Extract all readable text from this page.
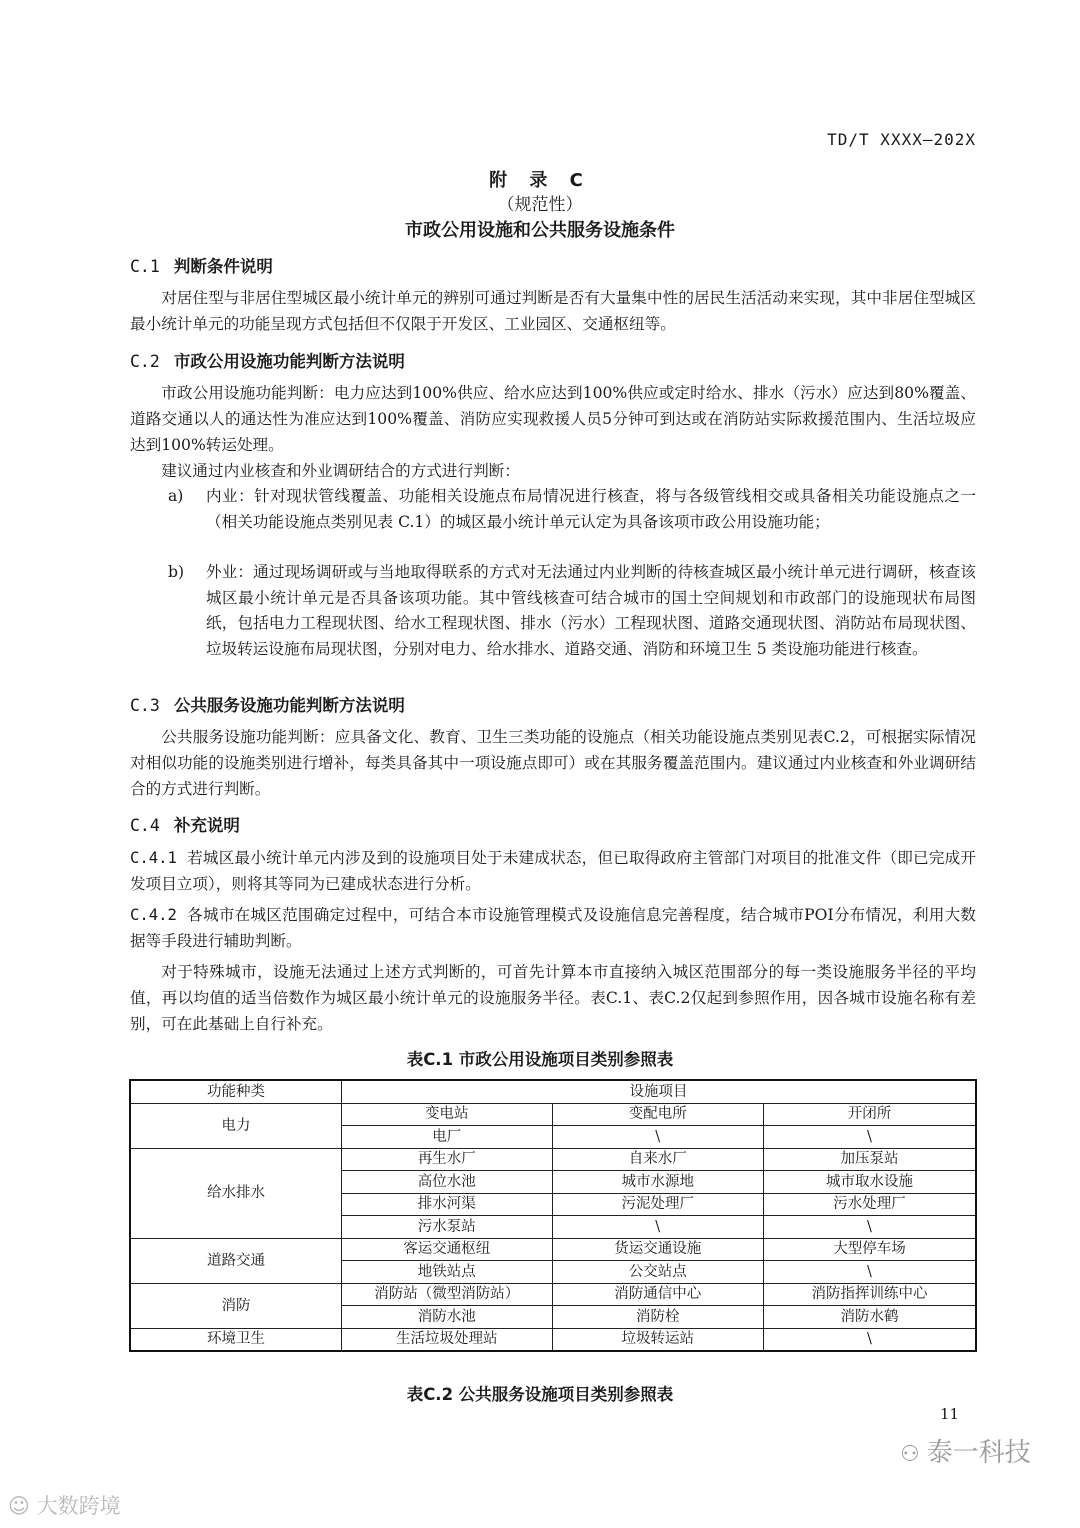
TD/T XXXX—202X
附 录 C
（规范性）
市政公用设施和公共服务设施条件
C.1 判断条件说明
对居住型与非居住型城区最小统计单元的辨别可通过判断是否有大量集中性的居民生活活动来实现，其中非居住型城区最小统计单元的功能呈现方式包括但不仅限于开发区、工业园区、交通枢纽等。
C.2 市政公用设施功能判断方法说明
市政公用设施功能判断：电力应达到100%供应、给水应达到100%供应或定时给水、排水（污水）应达到80%覆盖、道路交通以人的通达性为准应达到100%覆盖、消防应实现救援人员5分钟可到达或在消防站实际救援范围内、生活垃圾应达到100%转运处理。
建议通过内业核查和外业调研结合的方式进行判断：
a) 内业：针对现状管线覆盖、功能相关设施点布局情况进行核查，将与各级管线相交或具备相关功能设施点之一（相关功能设施点类别见表 C.1）的城区最小统计单元认定为具备该项市政公用设施功能；
b) 外业：通过现场调研或与当地取得联系的方式对无法通过内业判断的待核查城区最小统计单元进行调研，核查该城区最小统计单元是否具备该项功能。其中管线核查可结合城市的国土空间规划和市政部门的设施现状布局图纸，包括电力工程现状图、给水工程现状图、排水（污水）工程现状图、道路交通现状图、消防站布局现状图、垃圾转运设施布局现状图，分别对电力、给水排水、道路交通、消防和环境卫生 5 类设施功能进行核查。
C.3 公共服务设施功能判断方法说明
公共服务设施功能判断：应具备文化、教育、卫生三类功能的设施点（相关功能设施点类别见表C.2，可根据实际情况对相似功能的设施类别进行增补，每类具备其中一项设施点即可）或在其服务覆盖范围内。建议通过内业核查和外业调研结合的方式进行判断。
C.4 补充说明
C.4.1 若城区最小统计单元内涉及到的设施项目处于未建成状态，但已取得政府主管部门对项目的批准文件（即已完成开发项目立项），则将其等同为已建成状态进行分析。
C.4.2 各城市在城区范围确定过程中，可结合本市设施管理模式及设施信息完善程度，结合城市POI分布情况，利用大数据等手段进行辅助判断。
对于特殊城市，设施无法通过上述方式判断的，可首先计算本市直接纳入城区范围部分的每一类设施服务半径的平均值，再以均值的适当倍数作为城区最小统计单元的设施服务半径。表C.1、表C.2仅起到参照作用，因各城市设施名称有差别，可在此基础上自行补充。
表C.1 市政公用设施项目类别参照表
功能种类	设施项目		
电力	变电站	变配电所	开闭所
	电厂	\	\
给水排水	再生水厂	自来水厂	加压泵站
	高位水池	城市水源地	城市取水设施
	排水河渠	污泥处理厂	污水处理厂
	污水泵站	\	\
道路交通	客运交通枢纽	货运交通设施	大型停车场
	地铁站点	公交站点	\
消防	消防站（微型消防站）	消防通信中心	消防指挥训练中心
	消防水池	消防栓	消防水鹤
环境卫生	生活垃圾处理站	垃圾转运站	\
表C.2 公共服务设施项目类别参照表
11
☺ 大数跨境
⚇ 泰一科技
